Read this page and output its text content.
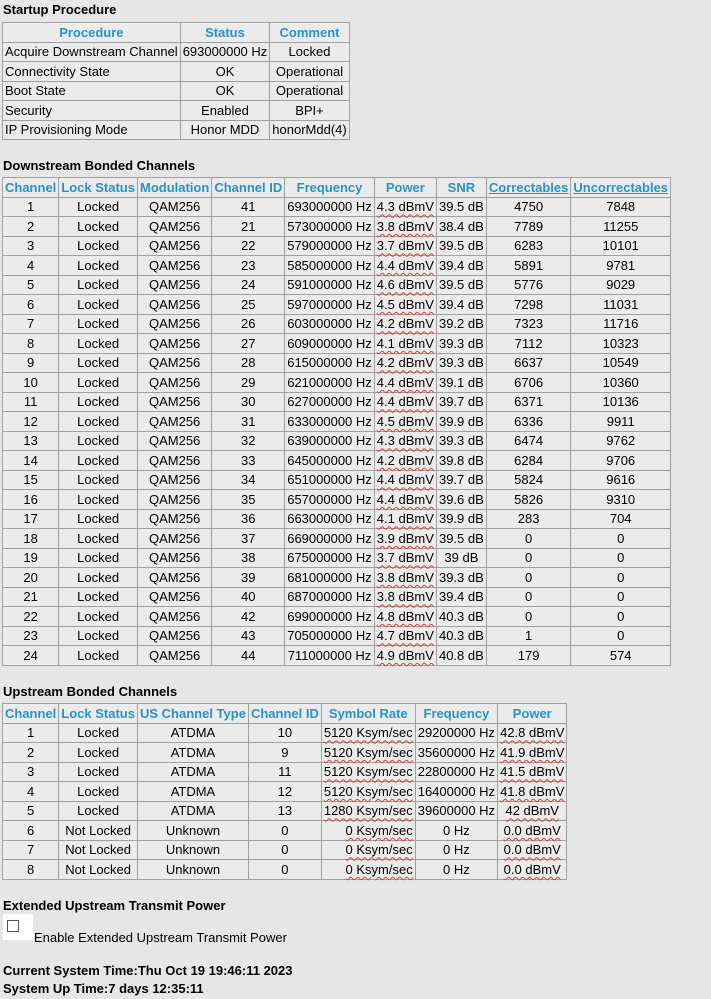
Startup Procedure
Procedure	Status	Comment
Acquire Downstream Channel	693000000 Hz	Locked
Connectivity State	OK	Operational
Boot State	OK	Operational
Security	Enabled	BPI+
IP Provisioning Mode	Honor MDD	honorMdd(4)
Downstream Bonded Channels
Channel	Lock Status	Modulation	Channel ID	Frequency	Power	SNR	Correctables	Uncorrectables
1	Locked	QAM256	41	693000000 Hz	4.3 dBmV	39.5 dB	4750	7848
2	Locked	QAM256	21	573000000 Hz	3.8 dBmV	38.4 dB	7789	11255
3	Locked	QAM256	22	579000000 Hz	3.7 dBmV	39.5 dB	6283	10101
4	Locked	QAM256	23	585000000 Hz	4.4 dBmV	39.4 dB	5891	9781
5	Locked	QAM256	24	591000000 Hz	4.6 dBmV	39.5 dB	5776	9029
6	Locked	QAM256	25	597000000 Hz	4.5 dBmV	39.4 dB	7298	11031
7	Locked	QAM256	26	603000000 Hz	4.2 dBmV	39.2 dB	7323	11716
8	Locked	QAM256	27	609000000 Hz	4.1 dBmV	39.3 dB	7112	10323
9	Locked	QAM256	28	615000000 Hz	4.2 dBmV	39.3 dB	6637	10549
10	Locked	QAM256	29	621000000 Hz	4.4 dBmV	39.1 dB	6706	10360
11	Locked	QAM256	30	627000000 Hz	4.4 dBmV	39.7 dB	6371	10136
12	Locked	QAM256	31	633000000 Hz	4.5 dBmV	39.9 dB	6336	9911
13	Locked	QAM256	32	639000000 Hz	4.3 dBmV	39.3 dB	6474	9762
14	Locked	QAM256	33	645000000 Hz	4.2 dBmV	39.8 dB	6284	9706
15	Locked	QAM256	34	651000000 Hz	4.4 dBmV	39.7 dB	5824	9616
16	Locked	QAM256	35	657000000 Hz	4.4 dBmV	39.6 dB	5826	9310
17	Locked	QAM256	36	663000000 Hz	4.1 dBmV	39.9 dB	283	704
18	Locked	QAM256	37	669000000 Hz	3.9 dBmV	39.5 dB	0	0
19	Locked	QAM256	38	675000000 Hz	3.7 dBmV	39 dB	0	0
20	Locked	QAM256	39	681000000 Hz	3.8 dBmV	39.3 dB	0	0
21	Locked	QAM256	40	687000000 Hz	3.8 dBmV	39.4 dB	0	0
22	Locked	QAM256	42	699000000 Hz	4.8 dBmV	40.3 dB	0	0
23	Locked	QAM256	43	705000000 Hz	4.7 dBmV	40.3 dB	1	0
24	Locked	QAM256	44	711000000 Hz	4.9 dBmV	40.8 dB	179	574
Upstream Bonded Channels
Channel	Lock Status	US Channel Type	Channel ID	Symbol Rate	Frequency	Power
1	Locked	ATDMA	10	5120 Ksym/sec	29200000 Hz	42.8 dBmV
2	Locked	ATDMA	9	5120 Ksym/sec	35600000 Hz	41.9 dBmV
3	Locked	ATDMA	11	5120 Ksym/sec	22800000 Hz	41.5 dBmV
4	Locked	ATDMA	12	5120 Ksym/sec	16400000 Hz	41.8 dBmV
5	Locked	ATDMA	13	1280 Ksym/sec	39600000 Hz	42 dBmV
6	Not Locked	Unknown	0	0 Ksym/sec	0 Hz	0.0 dBmV
7	Not Locked	Unknown	0	0 Ksym/sec	0 Hz	0.0 dBmV
8	Not Locked	Unknown	0	0 Ksym/sec	0 Hz	0.0 dBmV
Extended Upstream Transmit Power
Enable Extended Upstream Transmit Power
Current System Time:Thu Oct 19 19:46:11 2023
System Up Time:7 days 12:35:11
